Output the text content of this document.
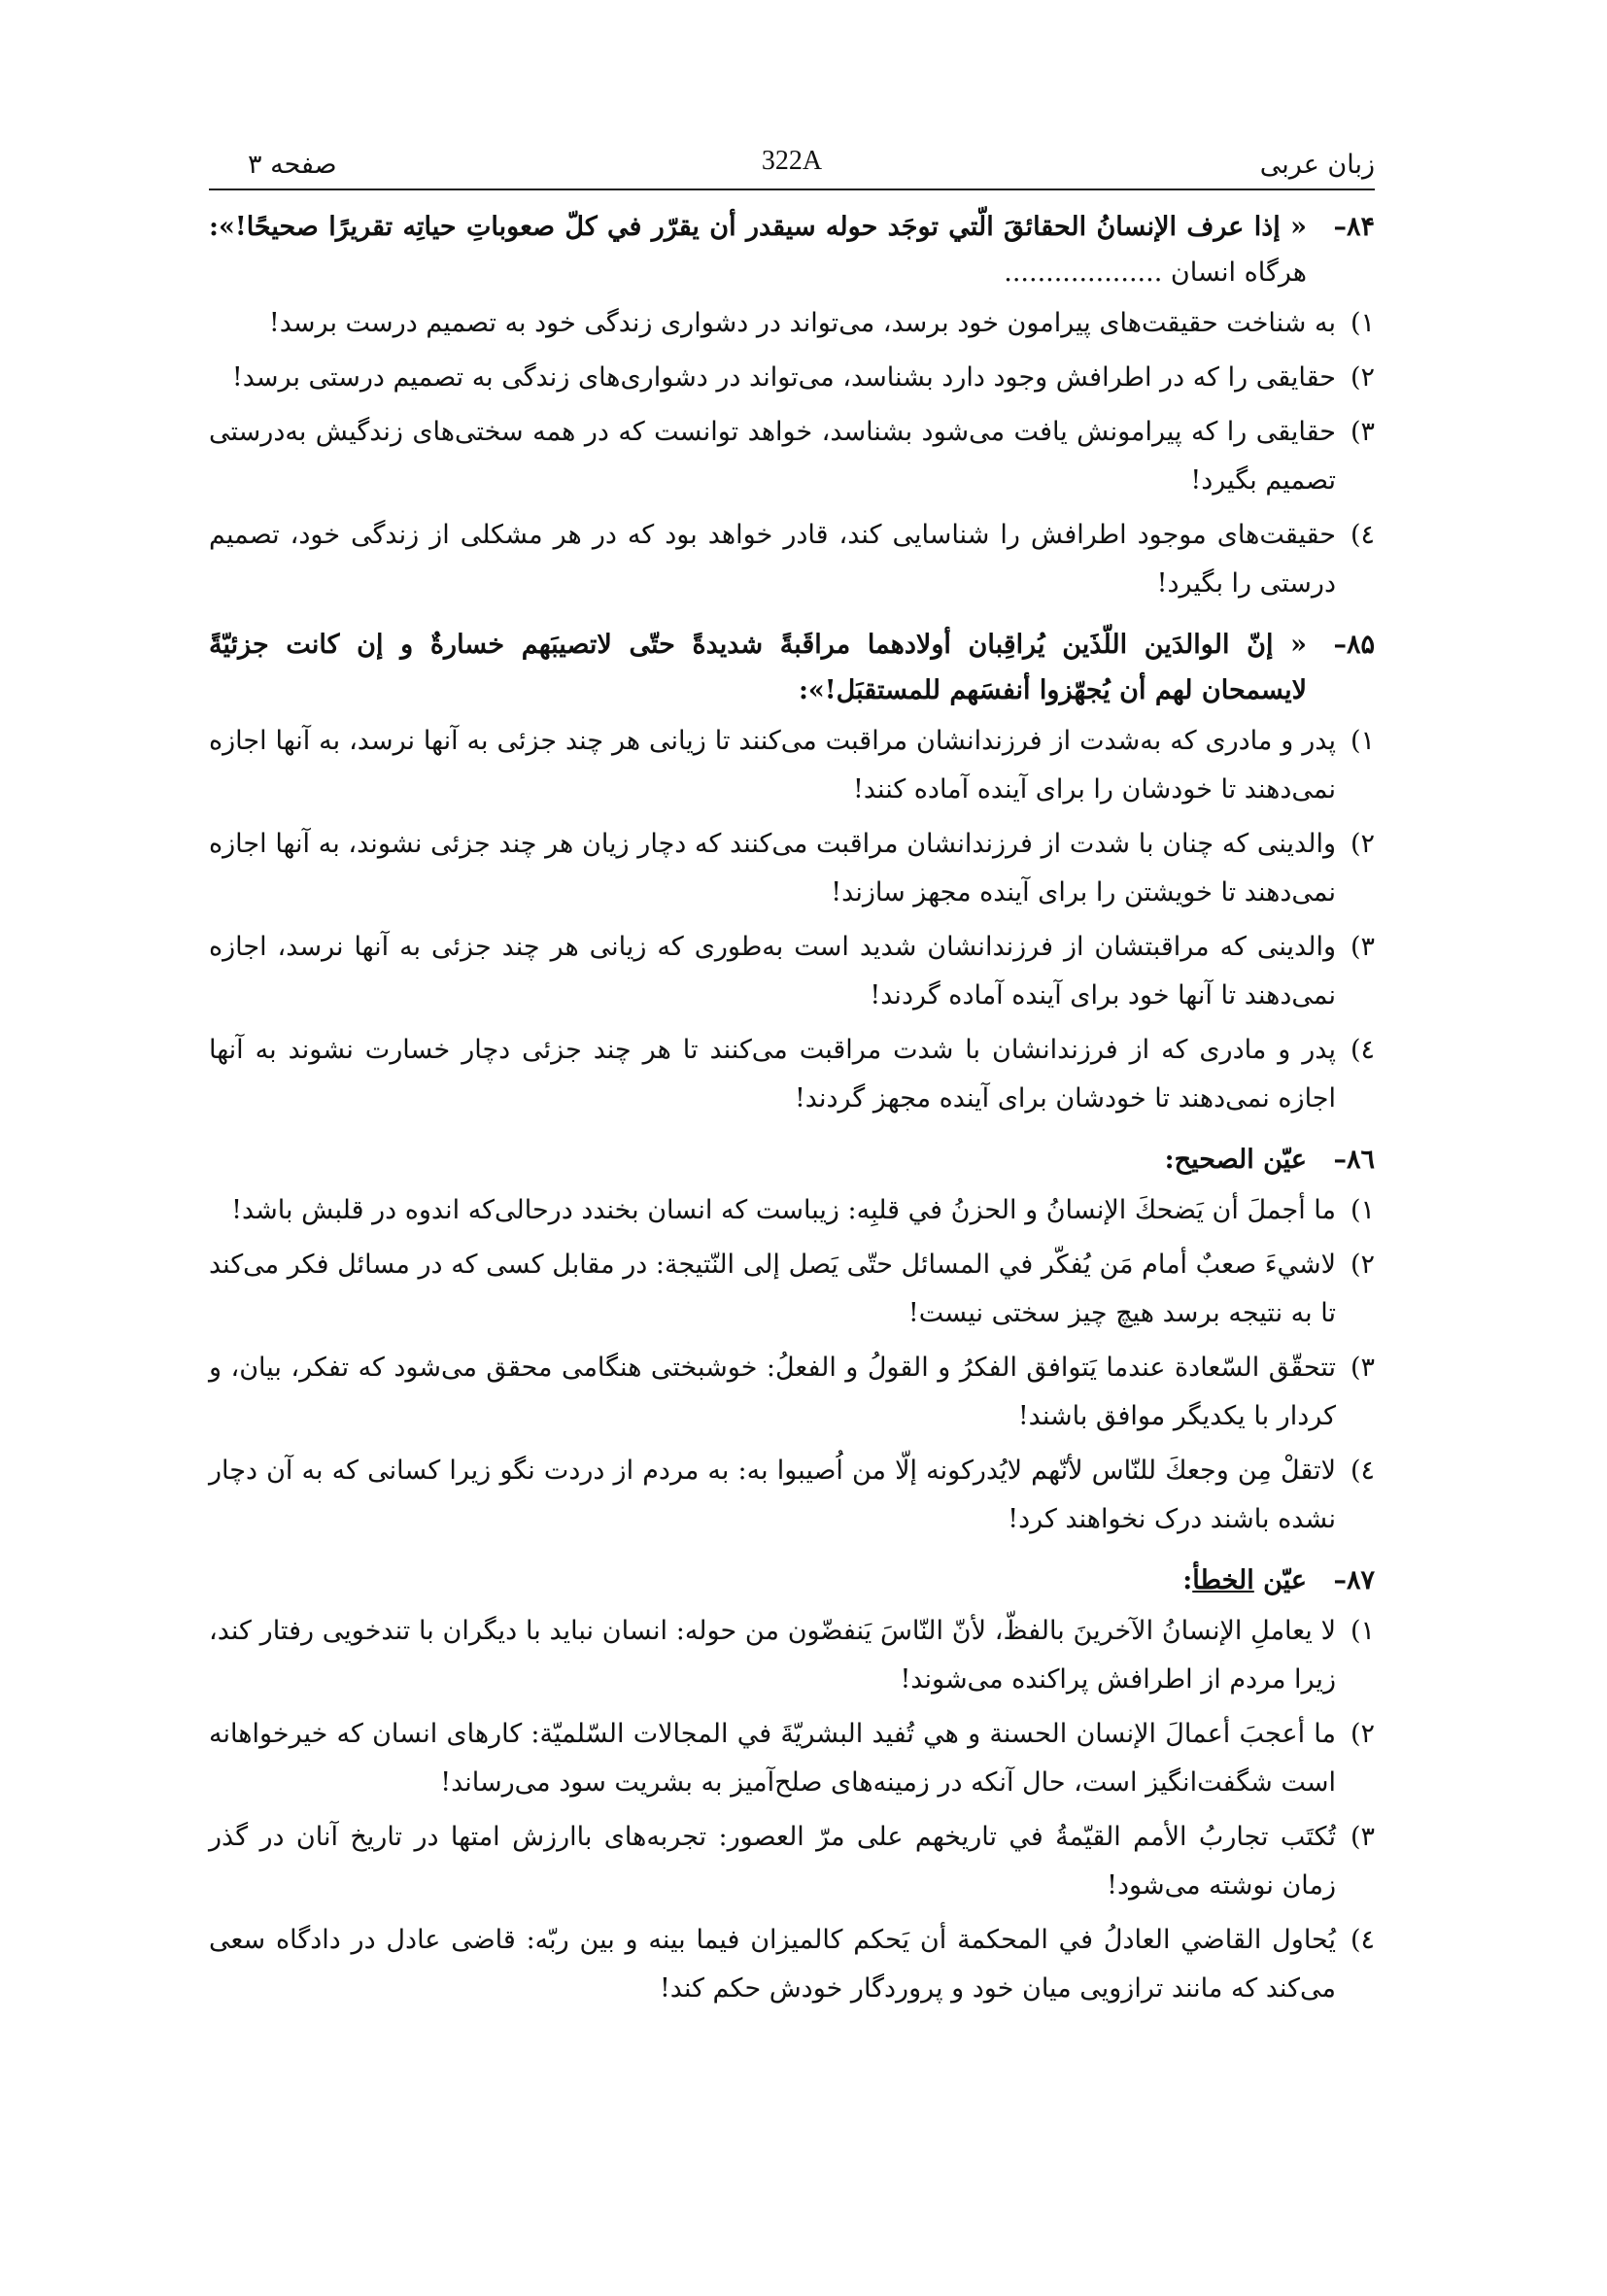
زبان عربی
322A
صفحه ۳
۸۴–
« إذا عرف الإنسانُ الحقائقَ الّتي توجَد حوله سيقدر أن يقرّر في كلّ صعوباتِ حياتِه تقريرًا صحيحًا!»: هرگاه انسان ...................
۱)
به شناخت حقیقت‌های پیرامون خود برسد، می‌تواند در دشواری زندگی خود به تصمیم درست برسد!
۲)
حقایقی را که در اطرافش وجود دارد بشناسد، می‌تواند در دشواری‌های زندگی به تصمیم درستی برسد!
۳)
حقایقی را که پیرامونش یافت می‌شود بشناسد، خواهد توانست که در همه سختی‌های زندگیش به‌درستی تصمیم بگیرد!
٤)
حقیقت‌های موجود اطرافش را شناسایی کند، قادر خواهد بود که در هر مشکلی از زندگی خود، تصمیم درستی را بگیرد!
۸۵–
« إنّ الوالدَين اللّذَين يُراقِبان أولادهما مراقَبةً شديدةً حتّى لاتصيبَهم خسارةٌ و إن كانت جزئيّةً لايسمحان لهم أن يُجهّزوا أنفسَهم للمستقبَل!»:
۱)
پدر و مادری که به‌شدت از فرزندانشان مراقبت می‌کنند تا زیانی هر چند جزئی به آنها نرسد، به آنها اجازه نمی‌دهند تا خودشان را برای آینده آماده کنند!
۲)
والدینی که چنان با شدت از فرزندانشان مراقبت می‌کنند که دچار زیان هر چند جزئی نشوند، به آنها اجازه نمی‌دهند تا خویشتن را برای آینده مجهز سازند!
۳)
والدینی که مراقبتشان از فرزندانشان شدید است به‌طوری که زیانی هر چند جزئی به آنها نرسد، اجازه نمی‌دهند تا آنها خود برای آینده آماده گردند!
٤)
پدر و مادری که از فرزندانشان با شدت مراقبت می‌کنند تا هر چند جزئی دچار خسارت نشوند به آنها اجازه نمی‌دهند تا خودشان برای آینده مجهز گردند!
۸٦–
عيّن الصحيح:
۱)
ما أجملَ أن يَضحكَ الإنسانُ و الحزنُ في قلبِه: زیباست که انسان بخندد درحالی‌که اندوه در قلبش باشد!
۲)
لاشيءَ صعبٌ أمام مَن يُفكّر في المسائل حتّى يَصل إلى النّتيجة: در مقابل کسی که در مسائل فکر می‌کند تا به نتیجه برسد هیچ چیز سختی نیست!
۳)
تتحقّق السّعادة عندما يَتوافق الفكرُ و القولُ و الفعلُ: خوشبختی هنگامی محقق می‌شود که تفکر، بیان، و کردار با یکدیگر موافق باشند!
٤)
لاتقلْ مِن وجعكَ للنّاس لأنّهم لايُدركونه إلّا من اُصيبوا به: به مردم از دردت نگو زیرا کسانی که به آن دچار نشده باشند درک نخواهند کرد!
۸۷–
عيّن الخطأ:
۱)
لا يعاملِ الإنسانُ الآخرينَ بالفظّ، لأنّ النّاسَ يَنفضّون من حوله: انسان نباید با دیگران با تندخویی رفتار کند، زیرا مردم از اطرافش پراکنده می‌شوند!
۲)
ما أعجبَ أعمالَ الإنسان الحسنة و هي تُفيد البشريّةَ في المجالات السّلميّة: کارهای انسان که خیرخواهانه است شگفت‌انگیز است، حال آنکه در زمینه‌های صلح‌آمیز به بشریت سود می‌رساند!
۳)
تُكتَب تجاربُ الأمم القيّمةُ في تاريخهم على مرّ العصور: تجربه‌های باارزش امتها در تاریخ آنان در گذر زمان نوشته می‌شود!
٤)
يُحاول القاضي العادلُ في المحكمة أن يَحكم كالميزان فيما بينه و بين ربّه: قاضی عادل در دادگاه سعی می‌کند که مانند ترازویی میان خود و پروردگار خودش حکم کند!
